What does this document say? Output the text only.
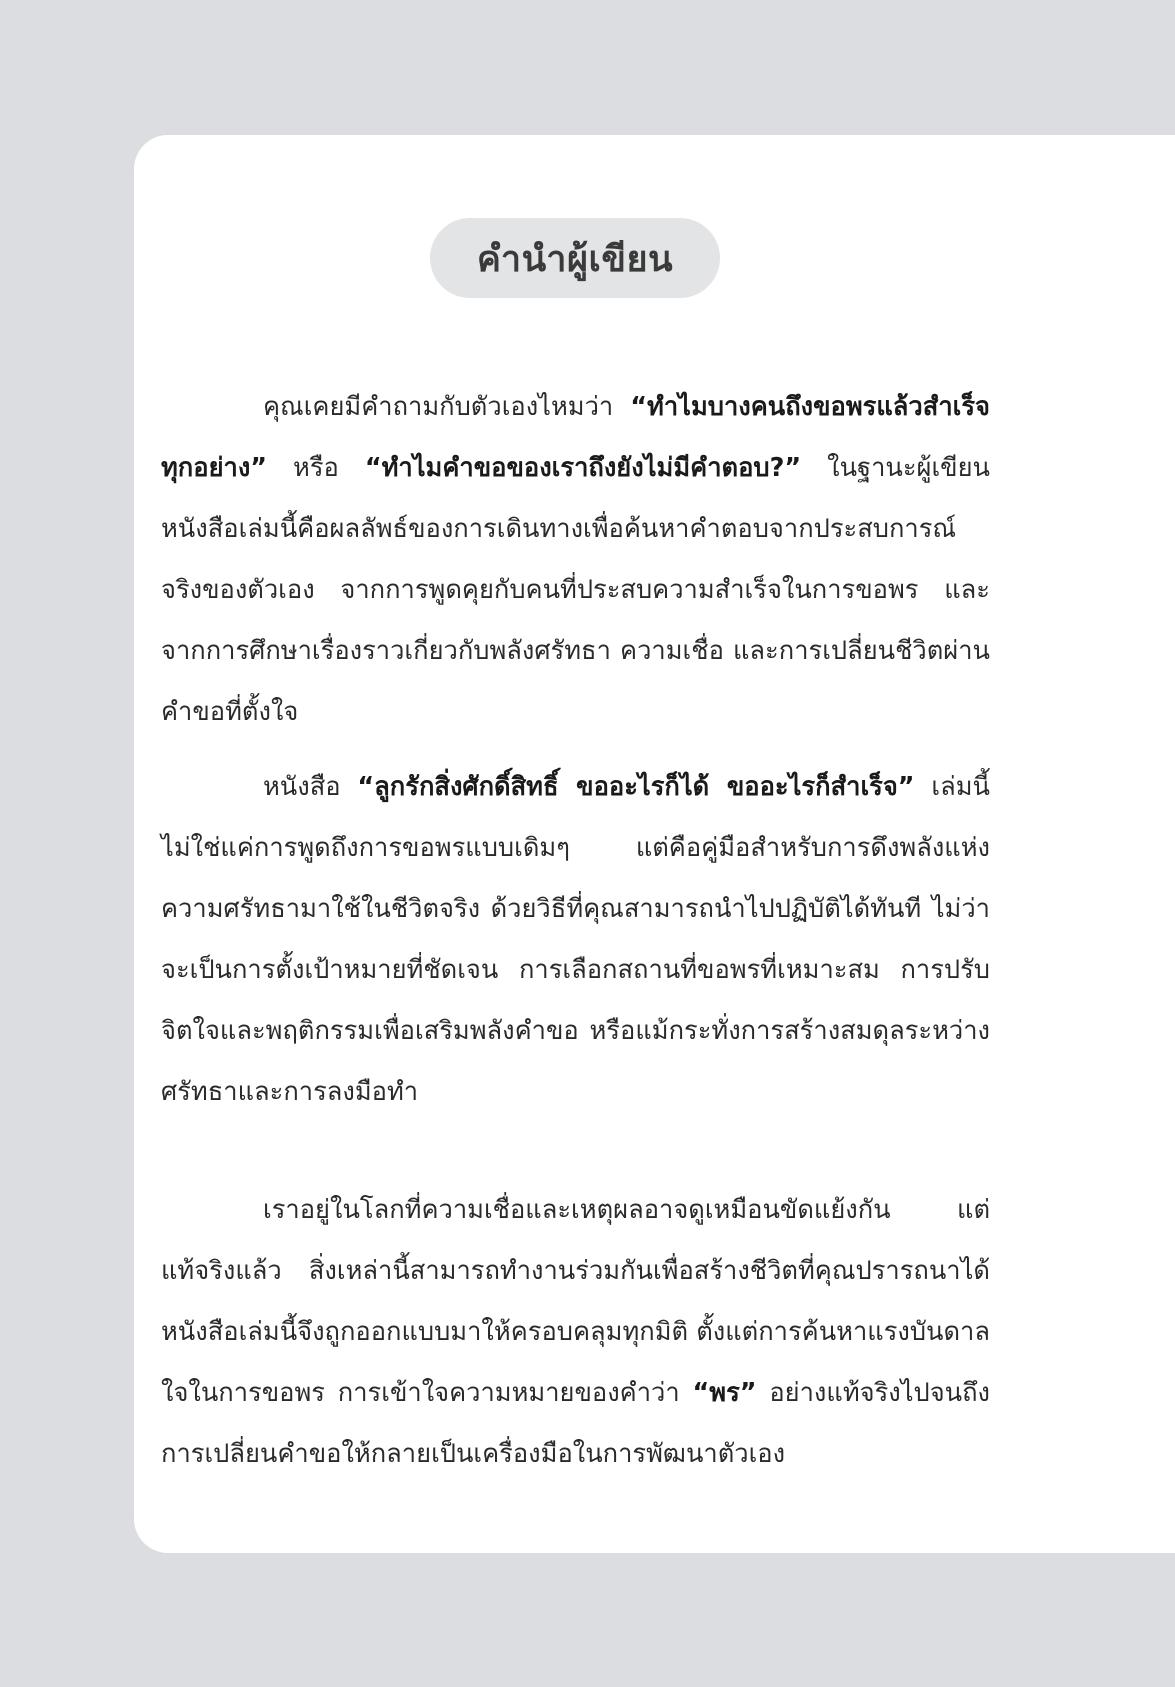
คำนำผู้เขียน

คุณเคยมีคำถามกับตัวเองไหมว่า “ทำไมบางคนถึงขอพรแล้วสำเร็จทุกอย่าง” หรือ “ทำไมคำขอของเราถึงยังไม่มีคำตอบ?” ในฐานะผู้เขียน หนังสือเล่มนี้คือผลลัพธ์ของการเดินทางเพื่อค้นหาคำตอบจากประสบการณ์จริงของตัวเอง จากการพูดคุยกับคนที่ประสบความสำเร็จในการขอพร และจากการศึกษาเรื่องราวเกี่ยวกับพลังศรัทธา ความเชื่อ และการเปลี่ยนชีวิตผ่านคำขอที่ตั้งใจ

หนังสือ “ลูกรักสิ่งศักดิ์สิทธิ์ ขออะไรก็ได้ ขออะไรก็สำเร็จ” เล่มนี้ไม่ใช่แค่การพูดถึงการขอพรแบบเดิมๆ แต่คือคู่มือสำหรับการดึงพลังแห่งความศรัทธามาใช้ในชีวิตจริง ด้วยวิธีที่คุณสามารถนำไปปฏิบัติได้ทันที ไม่ว่าจะเป็นการตั้งเป้าหมายที่ชัดเจน การเลือกสถานที่ขอพรที่เหมาะสม การปรับจิตใจและพฤติกรรมเพื่อเสริมพลังคำขอ หรือแม้กระทั่งการสร้างสมดุลระหว่างศรัทธาและการลงมือทำ

เราอยู่ในโลกที่ความเชื่อและเหตุผลอาจดูเหมือนขัดแย้งกัน แต่แท้จริงแล้ว สิ่งเหล่านี้สามารถทำงานร่วมกันเพื่อสร้างชีวิตที่คุณปรารถนาได้ หนังสือเล่มนี้จึงถูกออกแบบมาให้ครอบคลุมทุกมิติ ตั้งแต่การค้นหาแรงบันดาลใจในการขอพร การเข้าใจความหมายของคำว่า “พร” อย่างแท้จริงไปจนถึงการเปลี่ยนคำขอให้กลายเป็นเครื่องมือในการพัฒนาตัวเอง
